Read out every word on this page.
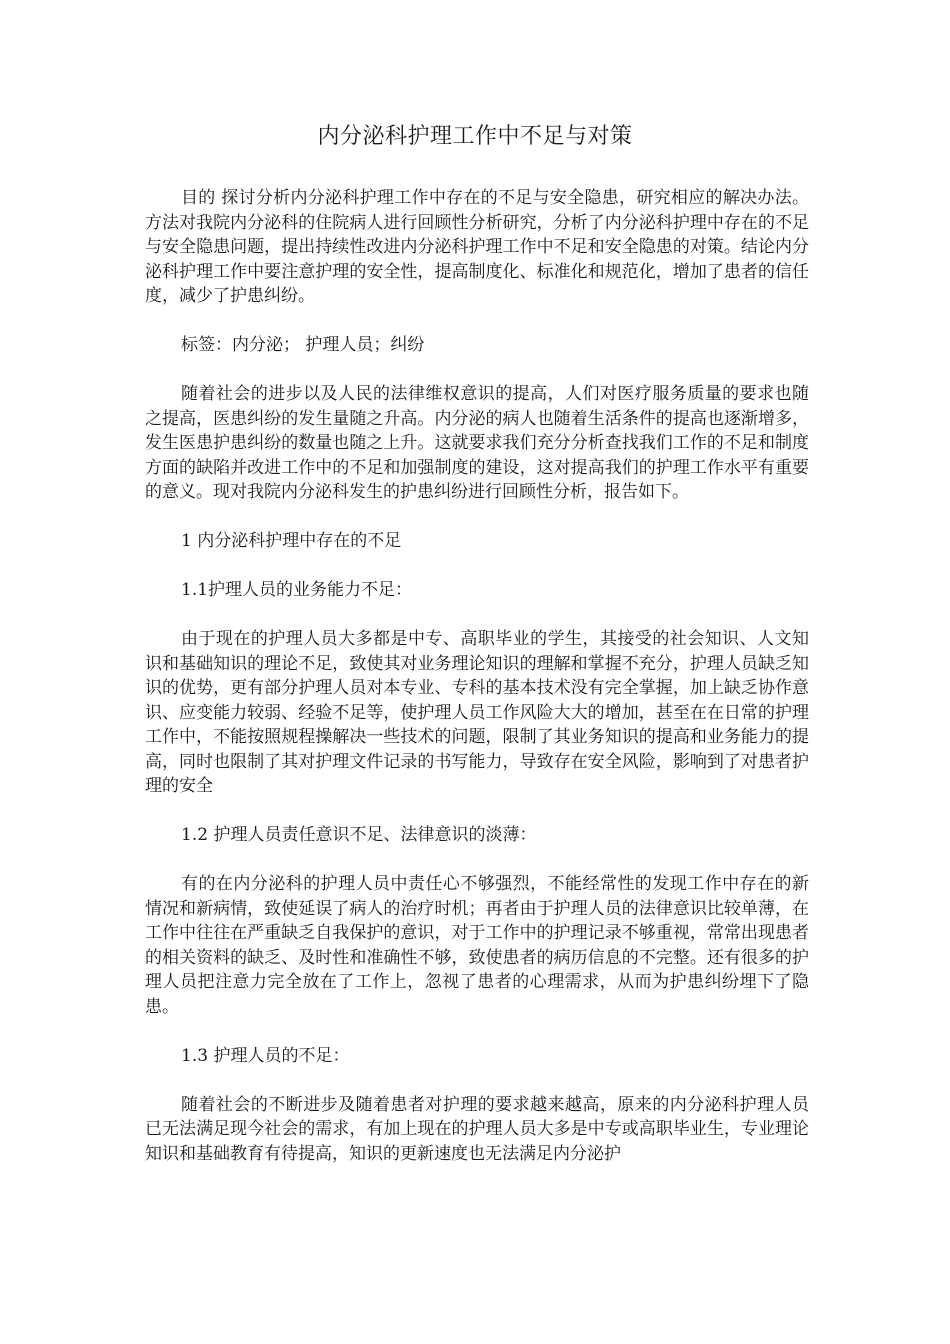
内分泌科护理工作中不足与对策

目的 探讨分析内分泌科护理工作中存在的不足与安全隐患，研究相应的解决办法。方法对我院内分泌科的住院病人进行回顾性分析研究，分析了内分泌科护理中存在的不足与安全隐患问题，提出持续性改进内分泌科护理工作中不足和安全隐患的对策。结论内分泌科护理工作中要注意护理的安全性，提高制度化、标准化和规范化，增加了患者的信任度，减少了护患纠纷。

标签：内分泌； 护理人员；纠纷

随着社会的进步以及人民的法律维权意识的提高，人们对医疗服务质量的要求也随之提高，医患纠纷的发生量随之升高。内分泌的病人也随着生活条件的提高也逐渐增多，发生医患护患纠纷的数量也随之上升。这就要求我们充分分析查找我们工作的不足和制度方面的缺陷并改进工作中的不足和加强制度的建设，这对提高我们的护理工作水平有重要的意义。现对我院内分泌科发生的护患纠纷进行回顾性分析，报告如下。

1 内分泌科护理中存在的不足

1.1护理人员的业务能力不足：

由于现在的护理人员大多都是中专、高职毕业的学生，其接受的社会知识、人文知识和基础知识的理论不足，致使其对业务理论知识的理解和掌握不充分，护理人员缺乏知识的优势，更有部分护理人员对本专业、专科的基本技术没有完全掌握，加上缺乏协作意识、应变能力较弱、经验不足等，使护理人员工作风险大大的增加，甚至在在日常的护理工作中，不能按照规程操解决一些技术的问题，限制了其业务知识的提高和业务能力的提高，同时也限制了其对护理文件记录的书写能力，导致存在安全风险，影响到了对患者护理的安全

1.2 护理人员责任意识不足、法律意识的淡薄：

有的在内分泌科的护理人员中责任心不够强烈，不能经常性的发现工作中存在的新情况和新病情，致使延误了病人的治疗时机；再者由于护理人员的法律意识比较单薄，在工作中往往在严重缺乏自我保护的意识，对于工作中的护理记录不够重视，常常出现患者的相关资料的缺乏、及时性和准确性不够，致使患者的病历信息的不完整。还有很多的护理人员把注意力完全放在了工作上，忽视了患者的心理需求，从而为护患纠纷埋下了隐患。

1.3 护理人员的不足：

随着社会的不断进步及随着患者对护理的要求越来越高，原来的内分泌科护理人员已无法满足现今社会的需求，有加上现在的护理人员大多是中专或高职毕业生，专业理论知识和基础教育有待提高，知识的更新速度也无法满足内分泌护
